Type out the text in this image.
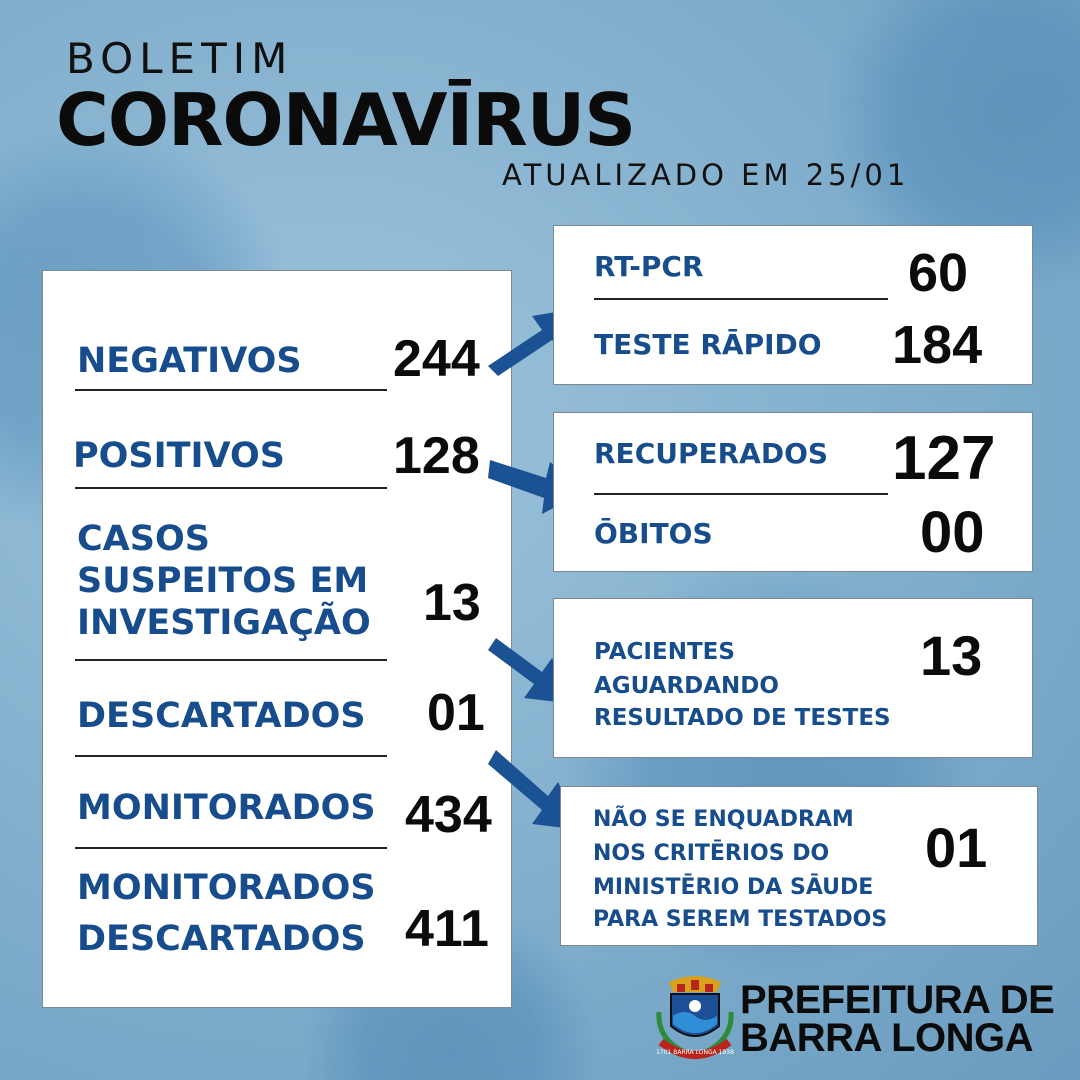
BOLETIM
CORONAVĪRUS
ATUALIZADO EM 25/01
NEGATIVOS 244
POSITIVOS 128
CASOS
SUSPEITOS EM
INVESTIGAÇÃO 13
DESCARTADOS 01
MONITORADOS 434
MONITORADOS
DESCARTADOS 411
RT-PCR	60
TESTE RĀPIDO 184
RECUPERADOS 127
ŌBITOS	00
PACIENTES
AGUARDANDO
RESULTADO DE TESTES
13
NÃO SE ENQUADRAM
NOS CRITĒRIOS DO
MINISTĒRIO DA SĀUDE
PARA SEREM TESTADOS
01
1701 BARRA LONGA 1938
PREFEITURA DE
BARRA LONGA
